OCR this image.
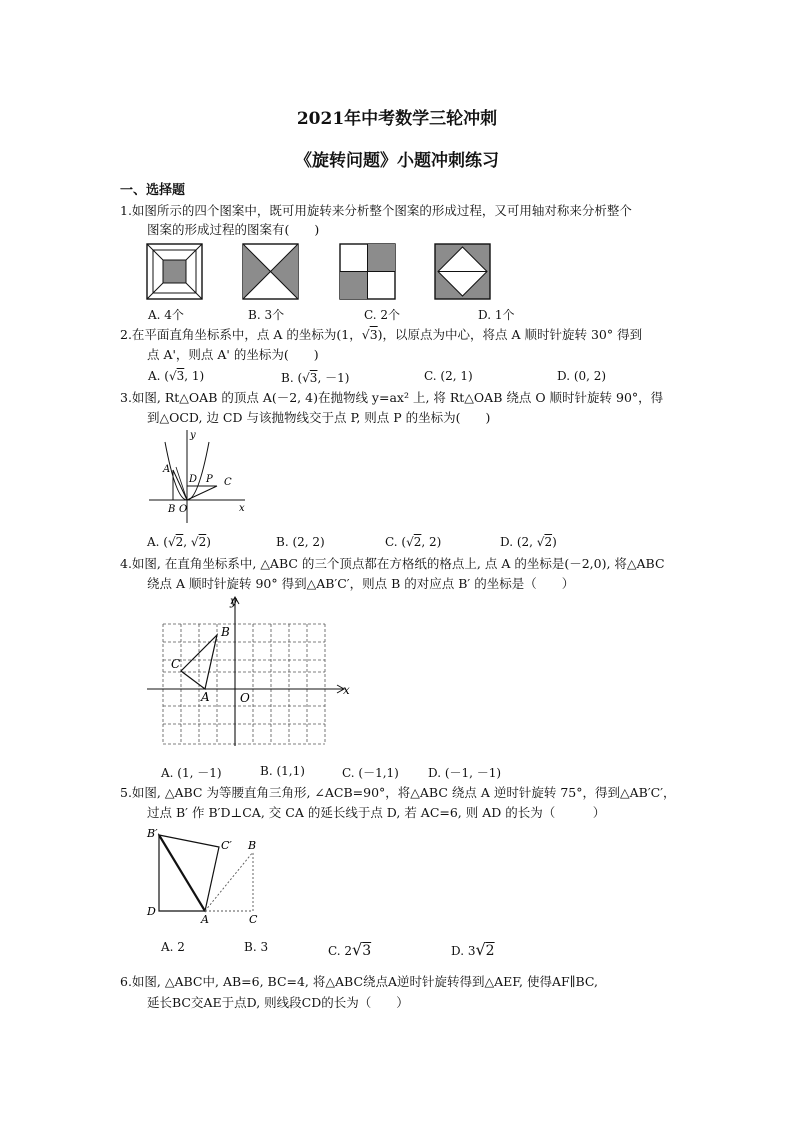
2021年中考数学三轮冲刺
《旋转问题》小题冲刺练习
一、选择题
1.如图所示的四个图案中，既可用旋转来分析整个图案的形成过程，又可用轴对称来分析整个
图案的形成过程的图案有(　　)
A. 4个	B. 3个	C. 2个	D. 1个
2.在平面直角坐标系中，点 A 的坐标为(1，√3)，以原点为中心，将点 A 顺时针旋转 30° 得到
点 A'，则点 A' 的坐标为(　　)
A. (√3, 1)	B. (√3, －1)	C. (2, 1)	D. (0, 2)
3.如图, Rt△OAB 的顶点 A(－2, 4)在抛物线 y=ax² 上, 将 Rt△OAB 绕点 O 顺时针旋转 90°，得
到△OCD, 边 CD 与该抛物线交于点 P, 则点 P 的坐标为(　　)
y
A
D P C
B O	x
A. (√2, √2)	B. (2, 2)	C. (√2, 2)	D. (2, √2)
4.如图, 在直角坐标系中, △ABC 的三个顶点都在方格纸的格点上, 点 A 的坐标是(－2,0), 将△ABC
绕点 A 顺时针旋转 90° 得到△AB′C′，则点 B 的对应点 B′ 的坐标是（　　）
y
x
B
C
A	O
A. (1, －1)	B. (1,1)	C. (－1,1) D. (－1, －1)
5.如图, △ABC 为等腰直角三角形, ∠ACB=90°，将△ABC 绕点 A 逆时针旋转 75°，得到△AB′C′，
过点 B′ 作 B′D⊥CA, 交 CA 的延长线于点 D, 若 AC=6, 则 AD 的长为（　　　）
B′
C′ B
D
A	C
A. 2	B. 3	C. 2√3	D. 3√2
6.如图, △ABC中, AB=6, BC=4, 将△ABC绕点A逆时针旋转得到△AEF, 使得AF∥BC,
延长BC交AE于点D, 则线段CD的长为（　　）
